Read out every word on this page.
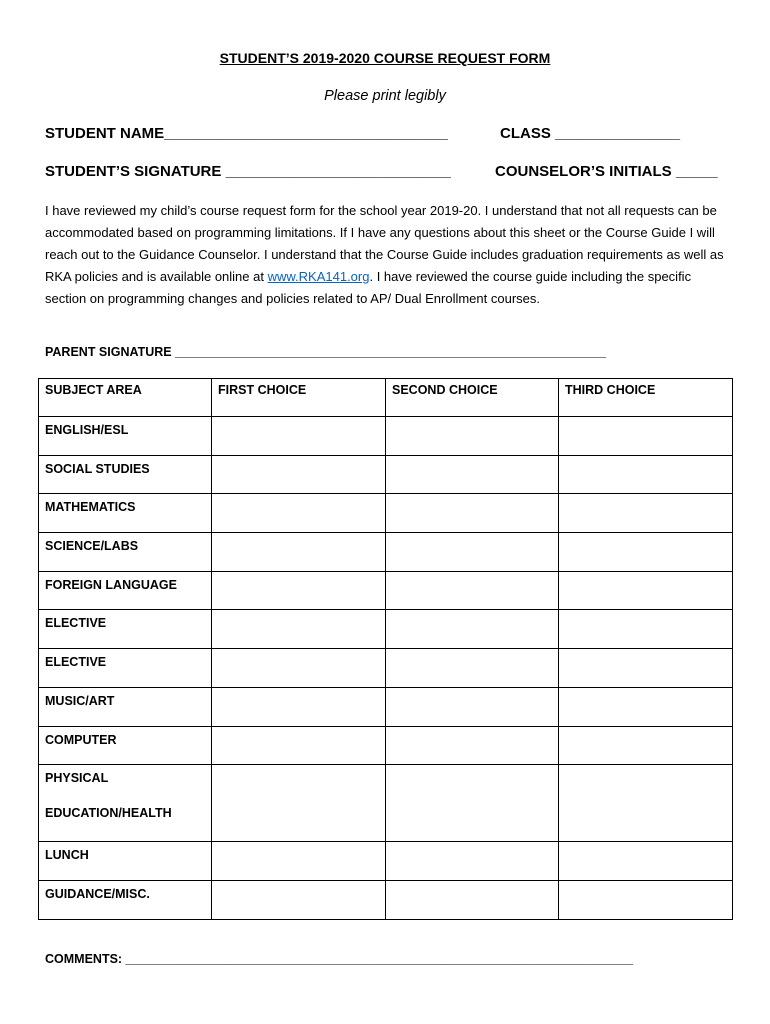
STUDENT’S 2019-2020 COURSE REQUEST FORM
Please print legibly
STUDENT NAME__________________________________	CLASS _______________
STUDENT’S SIGNATURE ___________________________	COUNSELOR’S INITIALS _____
I have reviewed my child’s course request form for the school year 2019-20. I understand that not all requests can be accommodated based on programming limitations. If I have any questions about this sheet or the Course Guide I will reach out to the Guidance Counselor. I understand that the Course Guide includes graduation requirements as well as RKA policies and is available online at www.RKA141.org. I have reviewed the course guide including the specific section on programming changes and policies related to AP/ Dual Enrollment courses.
PARENT SIGNATURE ______________________________________________________________
SUBJECT AREA	FIRST CHOICE	SECOND CHOICE	THIRD CHOICE
ENGLISH/ESL			
SOCIAL STUDIES			
MATHEMATICS			
SCIENCE/LABS			
FOREIGN LANGUAGE			
ELECTIVE			
ELECTIVE			
MUSIC/ART			
COMPUTER			

PHYSICAL
EDUCATION/HEALTH			

LUNCH			
GUIDANCE/MISC.			
COMMENTS: _________________________________________________________________________
